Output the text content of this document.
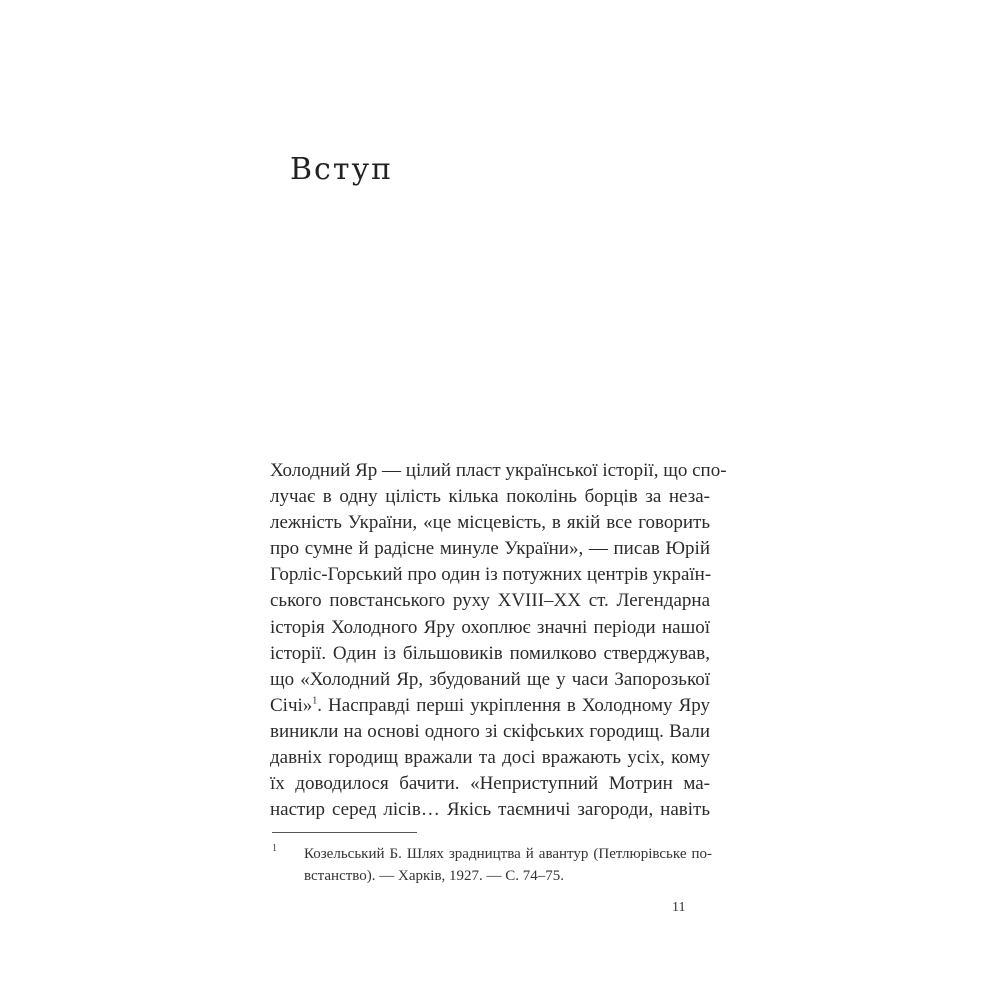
Вступ
Холодний Яр — цілий пласт української історії, що спо-
лучає в одну цілість кілька поколінь борців за неза-
лежність України, «це місцевість, в якій все говорить
про сумне й радісне минуле України», — писав Юрій
Горліс-Горський про один із потужних центрів україн-
ського повстанського руху XVIII–XX ст. Легендарна
історія Холодного Яру охоплює значні періоди нашої
історії. Один із більшовиків помилково стверджував,
що «Холодний Яр, збудований ще у часи Запорозької
Січі»$^1$. Насправді перші укріплення в Холодному Яру
виникли на основі одного зі скіфських городищ. Вали
давніх городищ вражали та досі вражають усіх, кому
їх доводилося бачити. «Неприступний Мотрин ма-
настир серед лісів… Якісь таємничі загороди, навіть
1 Козельський Б. Шлях зрадництва й авантур (Петлюрівське по-
встанство). — Харків, 1927. — С. 74–75.
11
